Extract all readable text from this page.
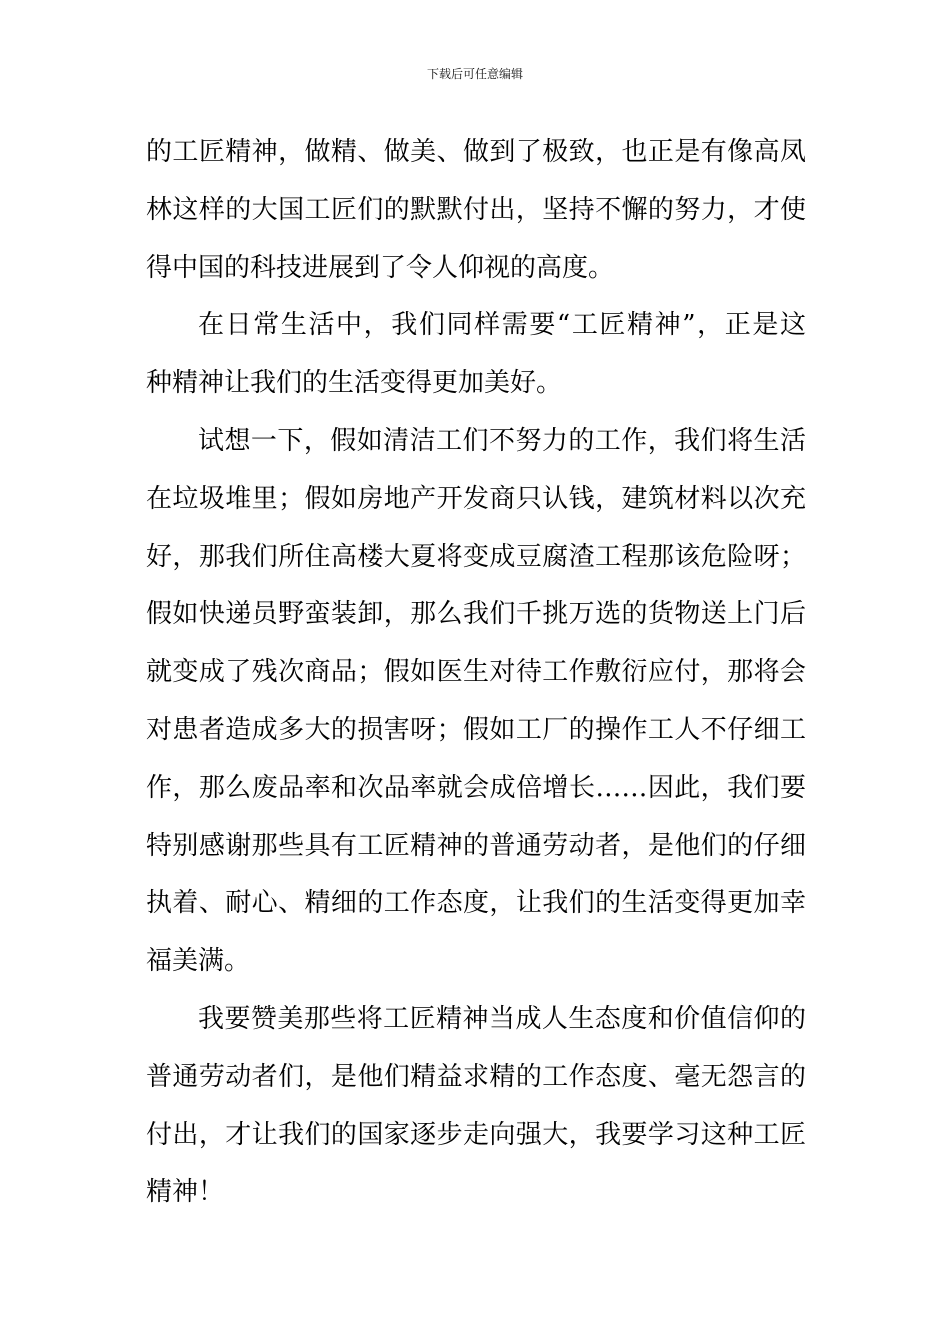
下载后可任意编辑
的工匠精神，做精、做美、做到了极致，也正是有像高凤
林这样的大国工匠们的默默付出，坚持不懈的努力，才使
得中国的科技进展到了令人仰视的高度。
在日常生活中，我们同样需要“工匠精神”，正是这
种精神让我们的生活变得更加美好。
试想一下，假如清洁工们不努力的工作，我们将生活
在垃圾堆里；假如房地产开发商只认钱，建筑材料以次充
好，那我们所住高楼大夏将变成豆腐渣工程那该危险呀；
假如快递员野蛮装卸，那么我们千挑万选的货物送上门后
就变成了残次商品；假如医生对待工作敷衍应付，那将会
对患者造成多大的损害呀；假如工厂的操作工人不仔细工
作，那么废品率和次品率就会成倍增长……因此，我们要
特别感谢那些具有工匠精神的普通劳动者，是他们的仔细
执着、耐心、精细的工作态度，让我们的生活变得更加幸
福美满。
我要赞美那些将工匠精神当成人生态度和价值信仰的
普通劳动者们，是他们精益求精的工作态度、毫无怨言的
付出，才让我们的国家逐步走向强大，我要学习这种工匠
精神！
